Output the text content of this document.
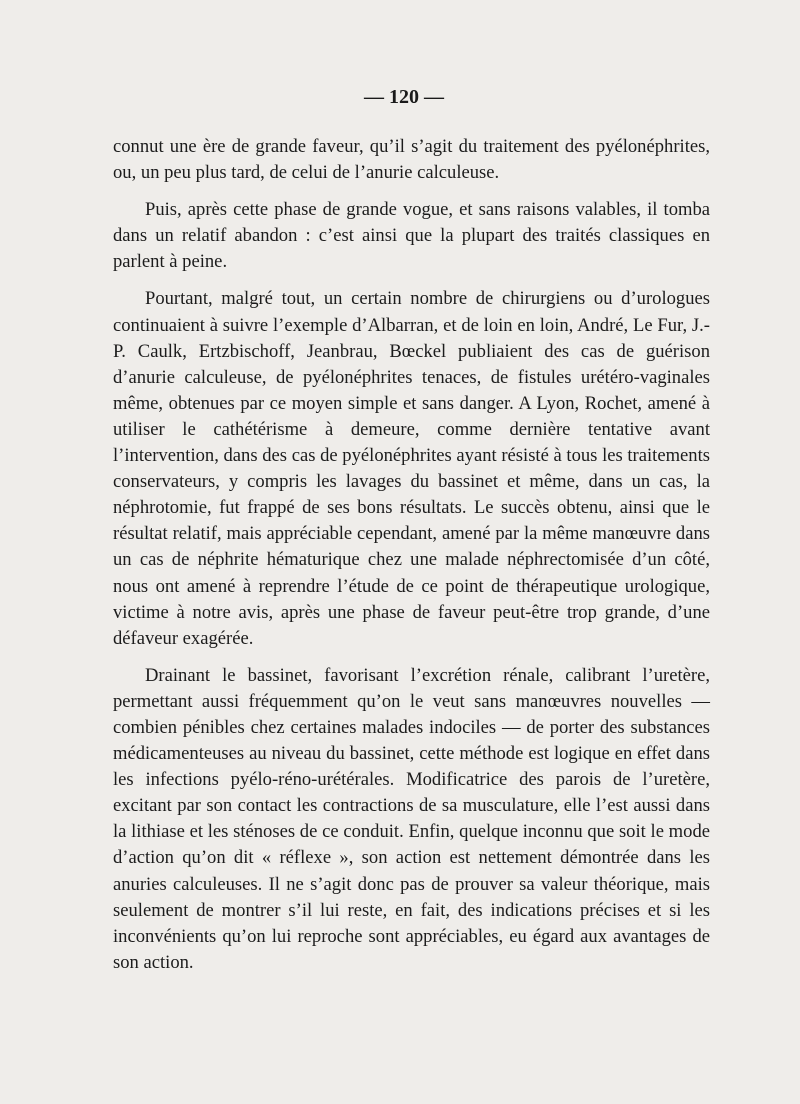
— 120 —

connut une ère de grande faveur, qu’il s’agit du traitement des pyélonéphrites, ou, un peu plus tard, de celui de l’anurie calculeuse.

Puis, après cette phase de grande vogue, et sans raisons valables, il tomba dans un relatif abandon : c’est ainsi que la plupart des traités classiques en parlent à peine.

Pourtant, malgré tout, un certain nombre de chirurgiens ou d’urologues continuaient à suivre l’exemple d’Albarran, et de loin en loin, André, Le Fur, J.-P. Caulk, Ertzbischoff, Jeanbrau, Bœckel publiaient des cas de guérison d’anurie calculeuse, de pyélonéphrites tenaces, de fistules urétéro-vaginales même, obtenues par ce moyen simple et sans danger. A Lyon, Rochet, amené à utiliser le cathétérisme à demeure, comme dernière tentative avant l’intervention, dans des cas de pyélonéphrites ayant résisté à tous les traitements conservateurs, y compris les lavages du bassinet et même, dans un cas, la néphrotomie, fut frappé de ses bons résultats. Le succès obtenu, ainsi que le résultat relatif, mais appréciable cependant, amené par la même manœuvre dans un cas de néphrite hématurique chez une malade néphrectomisée d’un côté, nous ont amené à reprendre l’étude de ce point de thérapeutique urologique, victime à notre avis, après une phase de faveur peut-être trop grande, d’une défaveur exagérée.

Drainant le bassinet, favorisant l’excrétion rénale, calibrant l’uretère, permettant aussi fréquemment qu’on le veut sans manœuvres nouvelles — combien pénibles chez certaines malades indociles — de porter des substances médicamenteuses au niveau du bassinet, cette méthode est logique en effet dans les infections pyélo-réno-urétérales. Modificatrice des parois de l’uretère, excitant par son contact les contractions de sa musculature, elle l’est aussi dans la lithiase et les sténoses de ce conduit. Enfin, quelque inconnu que soit le mode d’action qu’on dit « réflexe », son action est nettement démontrée dans les anuries calculeuses. Il ne s’agit donc pas de prouver sa valeur théorique, mais seulement de montrer s’il lui reste, en fait, des indications précises et si les inconvénients qu’on lui reproche sont appréciables, eu égard aux avantages de son action.
